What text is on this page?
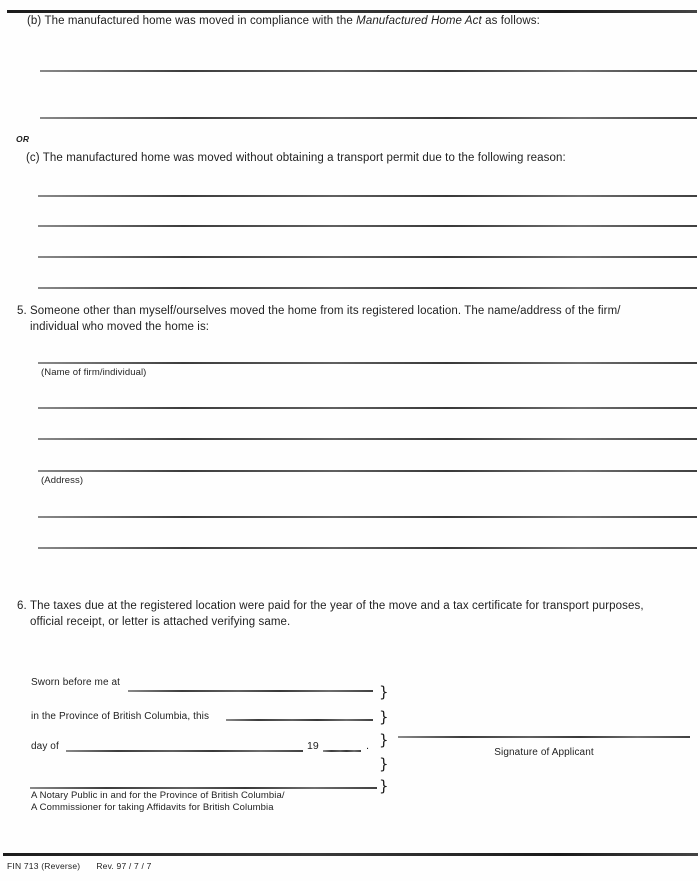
(b) The manufactured home was moved in compliance with the Manufactured Home Act as follows:
OR
(c) The manufactured home was moved without obtaining a transport permit due to the following reason:
5. Someone other than myself/ourselves moved the home from its registered location. The name/address of the firm/
individual who moved the home is:
(Name of firm/individual)
(Address)
6. The taxes due at the registered location were paid for the year of the move and a tax certificate for transport purposes,
official receipt, or letter is attached verifying same.
Sworn before me at
}
in the Province of British Columbia, this	}
day of	19	. }
}
}
Signature of Applicant
A Notary Public in and for the Province of British Columbia/
A Commissioner for taking Affidavits for British Columbia
FIN 713 (Reverse) Rev. 97 / 7 / 7
